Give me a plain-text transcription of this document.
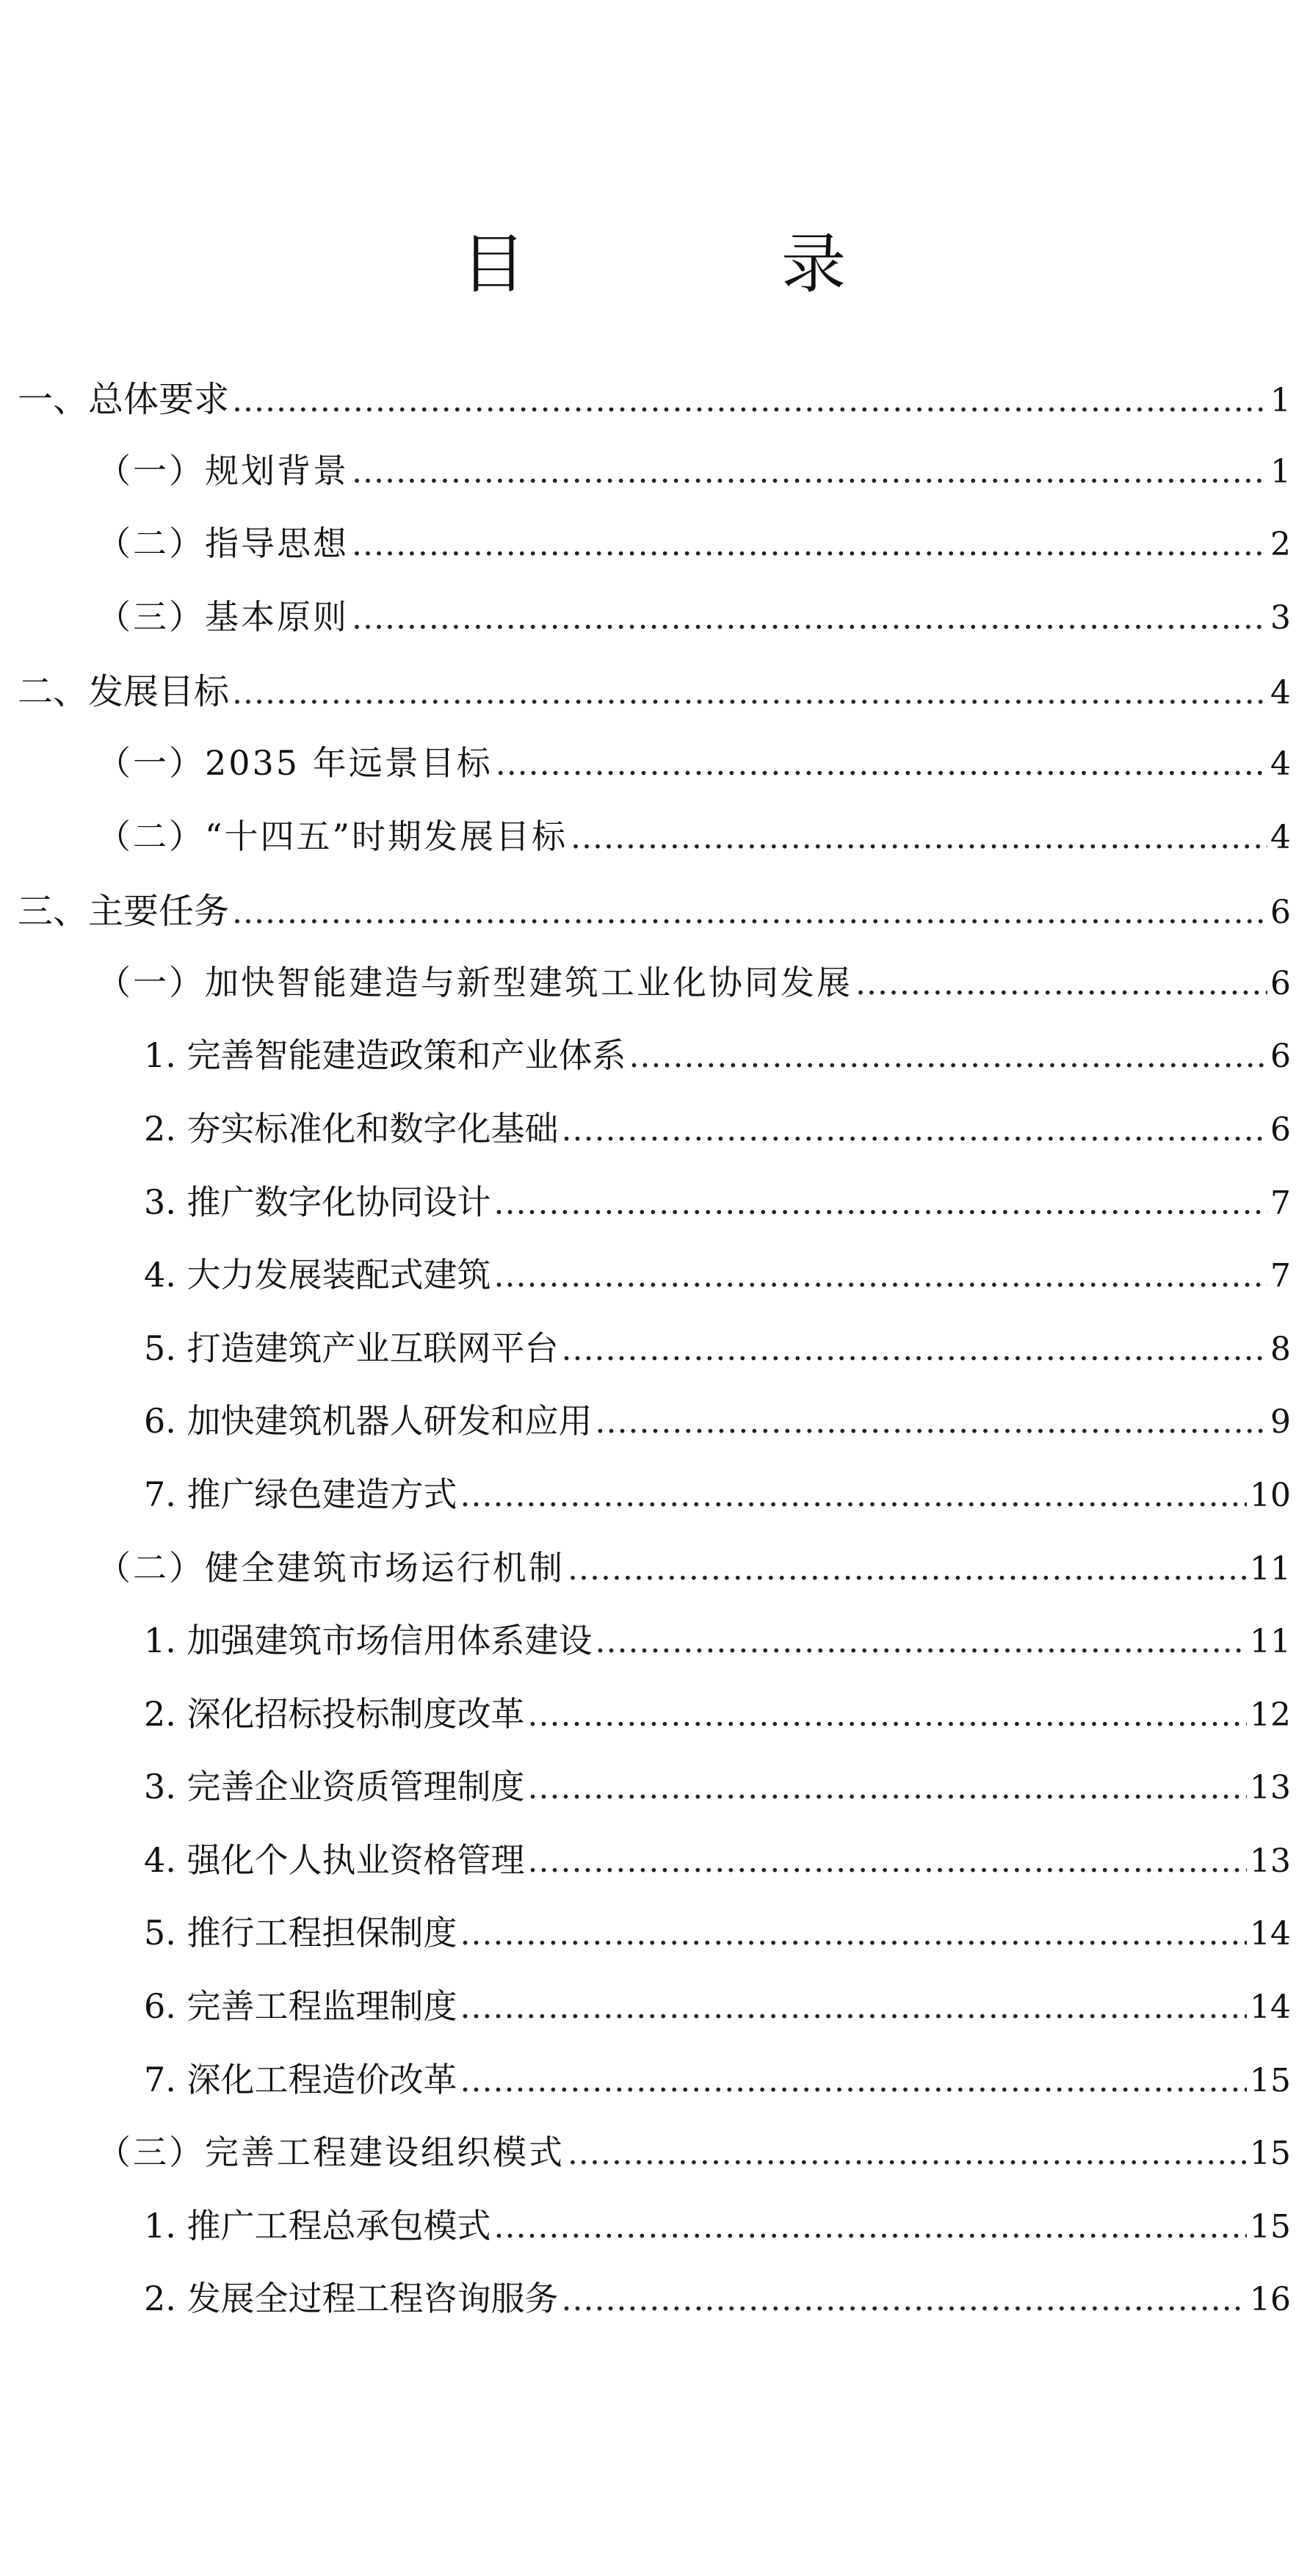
目　录
一、总体要求 .....	1
（一）规划背景 .....	1
（二）指导思想 .....	2
（三）基本原则 .....	3
二、发展目标 .....	4
（一）2035 年远景目标 .....	4
（二）“十四五”时期发展目标 .....	4
三、主要任务 .....	6
（一）加快智能建造与新型建筑工业化协同发展 .....	6
1. 完善智能建造政策和产业体系 .....	6
2. 夯实标准化和数字化基础 .....	6
3. 推广数字化协同设计 .....	7
4. 大力发展装配式建筑 .....	7
5. 打造建筑产业互联网平台 .....	8
6. 加快建筑机器人研发和应用 .....	9
7. 推广绿色建造方式 .....	10
（二）健全建筑市场运行机制 .....	11
1. 加强建筑市场信用体系建设 .....	11
2. 深化招标投标制度改革 .....	12
3. 完善企业资质管理制度 .....	13
4. 强化个人执业资格管理 .....	13
5. 推行工程担保制度 .....	14
6. 完善工程监理制度 .....	14
7. 深化工程造价改革 .....	15
（三）完善工程建设组织模式 .....	15
1. 推广工程总承包模式 .....	15
2. 发展全过程工程咨询服务 .....	16
